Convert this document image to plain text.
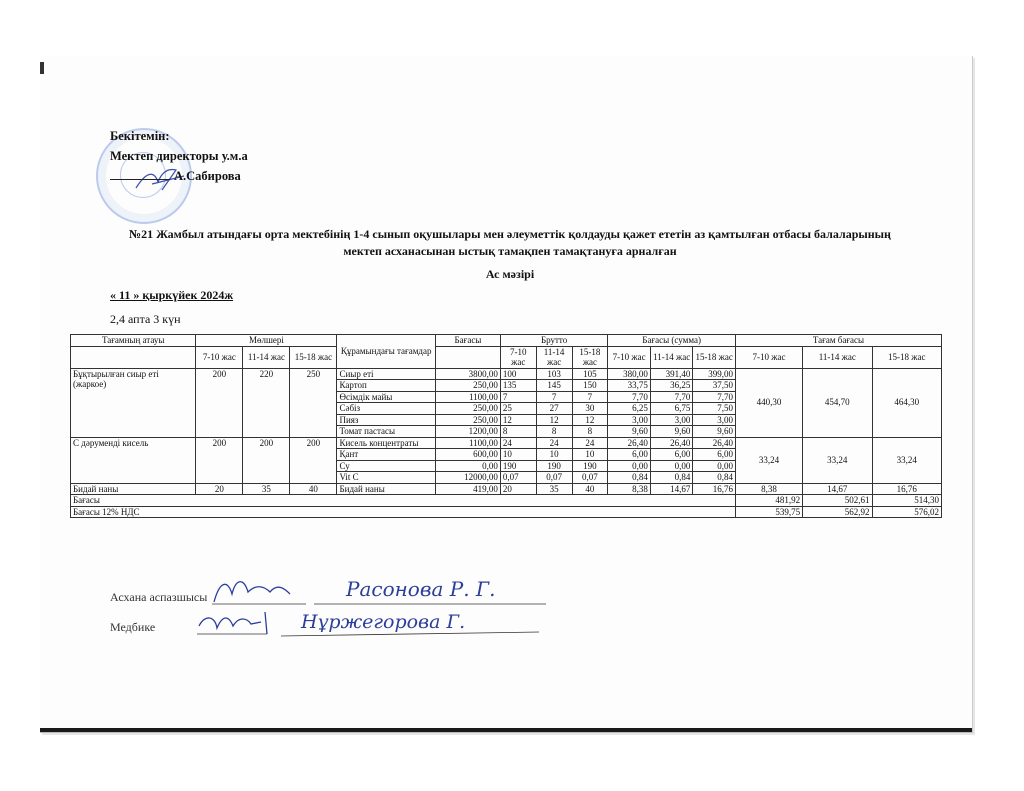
Бекітемін:
Мектеп директоры у.м.а
А.Сабирова
№21 Жамбыл атындағы орта мектебінің 1-4 сынып оқушылары мен әлеуметтік қолдауды қажет ететін аз қамтылған отбасы балаларының
мектеп асханасынан ыстық тамақпен тамақтануға арналған
Ас мәзірі
« 11 » қыркүйек 2024ж
2,4 апта 3 күн
Тағамның атауы	Мөлшері			Құрамындағы тағамдар	Бағасы	Брутто			Бағасы (сумма)			Тағам бағасы		
	7-10 жас	11-14 жас	15-18 жас			7-10 жас	11-14 жас	15-18 жас	7-10 жас	11-14 жас	15-18 жас	7-10 жас	11-14 жас	15-18 жас
Бұқтырылған сиыр еті (жаркое)	200	220	250	Сиыр еті	3800,00	100	103	105	380,00	391,40	399,00	440,30	454,70	464,30
				Картоп	250,00	135	145	150	33,75	36,25	37,50			
				Өсімдік майы	1100,00	7	7	7	7,70	7,70	7,70			
				Сәбіз	250,00	25	27	30	6,25	6,75	7,50			
				Пияз	250,00	12	12	12	3,00	3,00	3,00			
				Томат пастасы	1200,00	8	8	8	9,60	9,60	9,60			
С дәруменді кисель	200	200	200	Кисель концентраты	1100,00	24	24	24	26,40	26,40	26,40	33,24	33,24	33,24
				Қант	600,00	10	10	10	6,00	6,00	6,00			
				Су	0,00	190	190	190	0,00	0,00	0,00			
				Vit C	12000,00	0,07	0,07	0,07	0,84	0,84	0,84			
Бидай наны	20	35	40	Бидай наны	419,00	20	35	40	8,38	14,67	16,76	8,38	14,67	16,76
Бағасы												481,92	502,61	514,30
Бағасы 12% НДС												539,75	562,92	576,02
Асхана аспазшысы
Медбике
Расонова Р. Г.
Нұржегорова Г.
